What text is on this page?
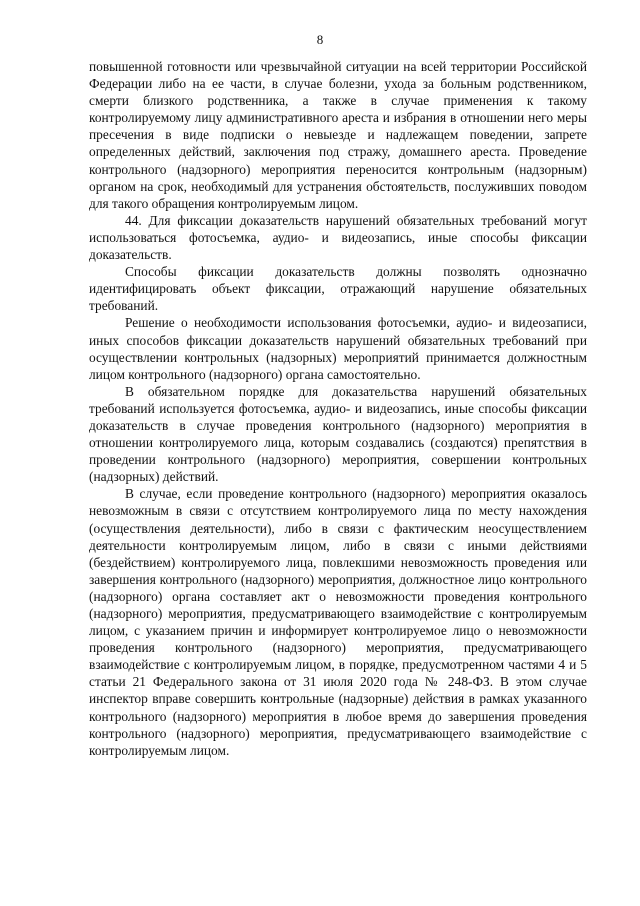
8

повышенной готовности или чрезвычайной ситуации на всей территории Российской Федерации либо на ее части, в случае болезни, ухода за больным родственником, смерти близкого родственника, а также в случае применения к такому контролируемому лицу административного ареста и избрания в отношении него меры пресечения в виде подписки о невыезде и надлежащем поведении, запрете определенных действий, заключения под стражу, домашнего ареста. Проведение контрольного (надзорного) мероприятия переносится контрольным (надзорным) органом на срок, необходимый для устранения обстоятельств, послуживших поводом для такого обращения контролируемым лицом.

44. Для фиксации доказательств нарушений обязательных требований могут использоваться фотосъемка, аудио- и видеозапись, иные способы фиксации доказательств.

Способы фиксации доказательств должны позволять однозначно идентифицировать объект фиксации, отражающий нарушение обязательных требований.

Решение о необходимости использования фотосъемки, аудио- и видеозаписи, иных способов фиксации доказательств нарушений обязательных требований при осуществлении контрольных (надзорных) мероприятий принимается должностным лицом контрольного (надзорного) органа самостоятельно.

В обязательном порядке для доказательства нарушений обязательных требований используется фотосъемка, аудио- и видеозапись, иные способы фиксации доказательств в случае проведения контрольного (надзорного) мероприятия в отношении контролируемого лица, которым создавались (создаются) препятствия в проведении контрольного (надзорного) мероприятия, совершении контрольных (надзорных) действий.

В случае, если проведение контрольного (надзорного) мероприятия оказалось невозможным в связи с отсутствием контролируемого лица по месту нахождения (осуществления деятельности), либо в связи с фактическим неосуществлением деятельности контролируемым лицом, либо в связи с иными действиями (бездействием) контролируемого лица, повлекшими невозможность проведения или завершения контрольного (надзорного) мероприятия, должностное лицо контрольного (надзорного) органа составляет акт о невозможности проведения контрольного (надзорного) мероприятия, предусматривающего взаимодействие с контролируемым лицом, с указанием причин и информирует контролируемое лицо о невозможности проведения контрольного (надзорного) мероприятия, предусматривающего взаимодействие с контролируемым лицом, в порядке, предусмотренном частями 4 и 5 статьи 21 Федерального закона от 31 июля 2020 года № 248-ФЗ. В этом случае инспектор вправе совершить контрольные (надзорные) действия в рамках указанного контрольного (надзорного) мероприятия в любое время до завершения проведения контрольного (надзорного) мероприятия, предусматривающего взаимодействие с контролируемым лицом.
